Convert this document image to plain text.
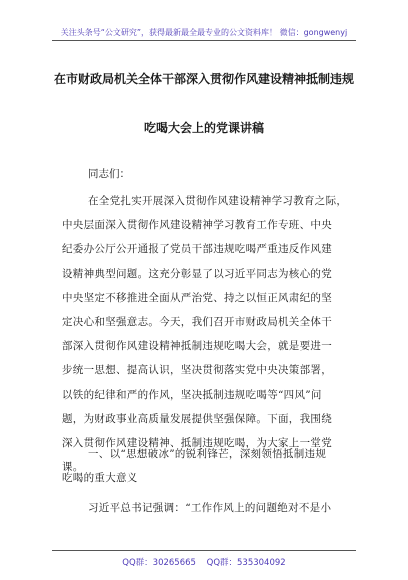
关注头条号“公文研究”，获得最新最全最专业的公文资料库！ 微信：gongwenyj
在市财政局机关全体干部深入贯彻作风建设精神抵制违规
吃喝大会上的党课讲稿
同志们：
在全党扎实开展深入贯彻作风建设精神学习教育之际，
中央层面深入贯彻作风建设精神学习教育工作专班、中央
纪委办公厅公开通报了党员干部违规吃喝严重违反作风建
设精神典型问题。这充分彰显了以习近平同志为核心的党
中央坚定不移推进全面从严治党、持之以恒正风肃纪的坚
定决心和坚强意志。今天，我们召开市财政局机关全体干
部深入贯彻作风建设精神抵制违规吃喝大会，就是要进一
步统一思想、提高认识，坚决贯彻落实党中央决策部署，
以铁的纪律和严的作风，坚决抵制违规吃喝等“四风”问
题，为财政事业高质量发展提供坚强保障。下面，我围绕
深入贯彻作风建设精神、抵制违规吃喝，为大家上一堂党
课。
一、以“思想破冰”的锐利锋芒，深刻领悟抵制违规
吃喝的重大意义
习近平总书记强调：“工作作风上的问题绝对不是小
QQ群：30265665 QQ群：535304092
